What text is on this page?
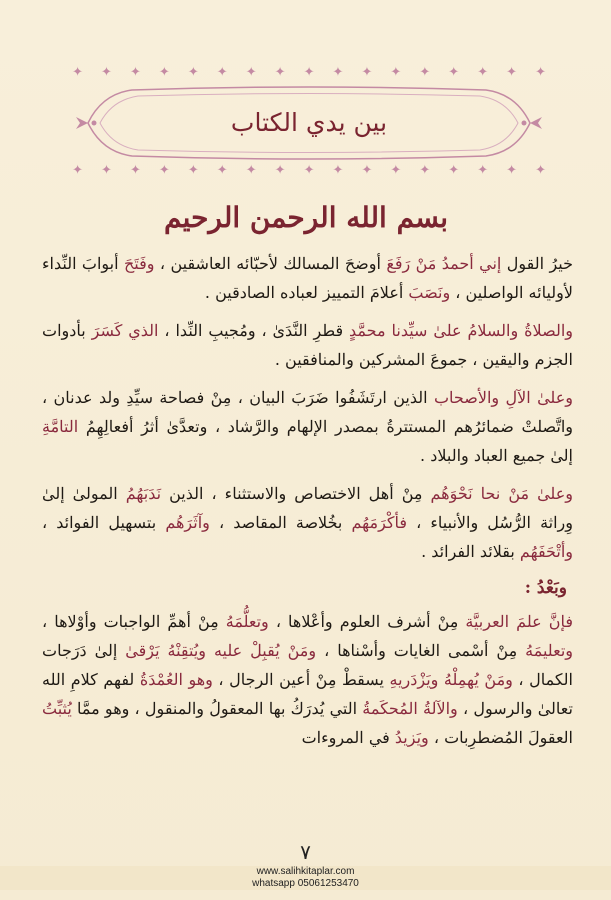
✦
✦
✦
✦
✦
✦
✦
✦
✦
✦
✦
✦
✦
✦
✦
✦
✦
بين يدي الكتاب
✦
✦
✦
✦
✦
✦
✦
✦
✦
✦
✦
✦
✦
✦
✦
✦
✦
بسم الله الرحمن الرحيم

خيرُ القول إني أحمدُ مَنْ رَفَعَ أوضحَ المسالك لأحبّائه العاشقين ، وفَتَحَ أبوابَ النِّداء لأوليائه الواصلين ، ونَصَبَ أعلامَ التمييز لعباده الصادقين .

والصلاةُ والسلامُ علىٰ سيِّدنا محمَّدٍ قطرِ النَّدَىٰ ، ومُجيبِ النِّدا ، الذي كَسَرَ بأدوات الجزم واليقين ، جموعَ المشركين والمنافقين .

وعلىٰ الآلِ والأصحاب الذين ارتَشَفُوا ضَرَبَ البيان ، مِنْ فصاحة سيِّدِ ولد عدنان ، واتَّصلتْ ضمائرُهم المستترةُ بمصدر الإلهام والرَّشاد ، وتعدَّىٰ أثرُ أفعالِهِمُ التامَّةِ إلىٰ جميع العباد والبلاد .

وعلىٰ مَنْ نحا نَحْوَهُم مِنْ أهل الاختصاص والاستثناء ، الذين نَدَبَهُمُ المولىٰ إلىٰ وِراثة الرُّسُل والأنبياء ، فأكْرَمَهُم بخُلاصة المقاصد ، وآثَرَهُم بتسهيل الفوائد ، وأتْحَفَهُم بقلائد الفرائد .

وبَعْدُ :

فإنَّ علمَ العربيَّة مِنْ أشرف العلوم وأعْلاها ، وتعلُّمَهُ مِنْ أهمِّ الواجبات وأوْلاها ، وتعليمَهُ مِنْ أسْمى الغايات وأسْناها ، ومَنْ يُقبِلْ عليه ويُتقِنْهُ يَرْقىٰ إلىٰ دَرَجات الكمال ، ومَنْ يُهمِلْهُ ويَزْدَريهِ يسقطْ مِنْ أعين الرجال ، وهو العُمْدَةُ لفهم كلامِ الله تعالىٰ والرسول ، والآلةُ المُحكَمةُ التي يُدرَكُ بها المعقولُ والمنقول ، وهو ممَّا يُثبِّتُ العقولَ المُضطرِبات ، ويَزيدُ في المروءات

٧
www.salihkitaplar.com
whatsapp 05061253470
